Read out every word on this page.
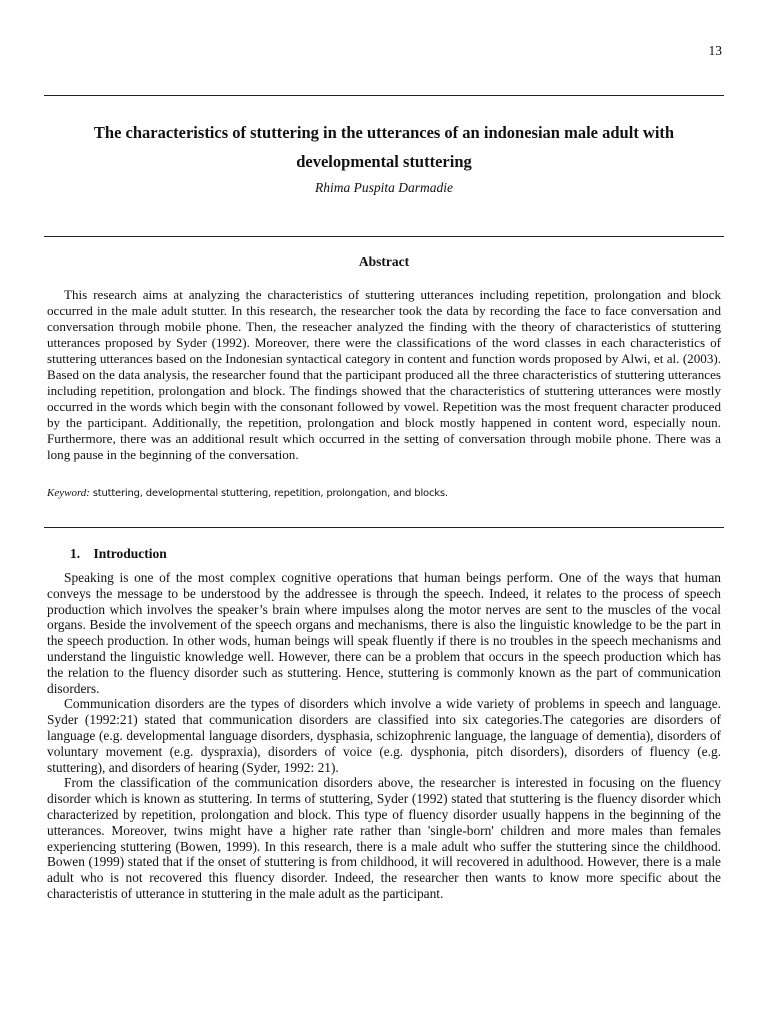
13
The characteristics of stuttering in the utterances of an indonesian male adult with developmental stuttering
Rhima Puspita Darmadie
Abstract

This research aims at analyzing the characteristics of stuttering utterances including repetition, prolongation and block occurred in the male adult stutter. In this research, the researcher took the data by recording the face to face conversation and conversation through mobile phone. Then, the reseacher analyzed the finding with the theory of characteristics of stuttering utterances proposed by Syder (1992). Moreover, there were the classifications of the word classes in each characteristics of stuttering utterances based on the Indonesian syntactical category in content and function words proposed by Alwi, et al. (2003). Based on the data analysis, the researcher found that the participant produced all the three characteristics of stuttering utterances including repetition, prolongation and block. The findings showed that the characteristics of stuttering utterances were mostly occurred in the words which begin with the consonant followed by vowel. Repetition was the most frequent character produced by the participant. Additionally, the repetition, prolongation and block mostly happened in content word, especially noun. Furthermore, there was an additional result which occurred in the setting of conversation through mobile phone. There was a long pause in the beginning of the conversation.

Keyword: stuttering, developmental stuttering, repetition, prolongation, and blocks.
1. Introduction

Speaking is one of the most complex cognitive operations that human beings perform. One of the ways that human conveys the message to be understood by the addressee is through the speech. Indeed, it relates to the process of speech production which involves the speaker’s brain where impulses along the motor nerves are sent to the muscles of the vocal organs. Beside the involvement of the speech organs and mechanisms, there is also the linguistic knowledge to be the part in the speech production. In other wods, human beings will speak fluently if there is no troubles in the speech mechanisms and understand the linguistic knowledge well. However, there can be a problem that occurs in the speech production which has the relation to the fluency disorder such as stuttering. Hence, stuttering is commonly known as the part of communication disorders.

Communication disorders are the types of disorders which involve a wide variety of problems in speech and language. Syder (1992:21) stated that communication disorders are classified into six categories.The categories are disorders of language (e.g. developmental language disorders, dysphasia, schizophrenic language, the language of dementia), disorders of voluntary movement (e.g. dyspraxia), disorders of voice (e.g. dysphonia, pitch disorders), disorders of fluency (e.g. stuttering), and disorders of hearing (Syder, 1992: 21).

From the classification of the communication disorders above, the researcher is interested in focusing on the fluency disorder which is known as stuttering. In terms of stuttering, Syder (1992) stated that stuttering is the fluency disorder which characterized by repetition, prolongation and block. This type of fluency disorder usually happens in the beginning of the utterances. Moreover, twins might have a higher rate rather than 'single-born' children and more males than females experiencing stuttering (Bowen, 1999). In this research, there is a male adult who suffer the stuttering since the childhood. Bowen (1999) stated that if the onset of stuttering is from childhood, it will recovered in adulthood. However, there is a male adult who is not recovered this fluency disorder. Indeed, the researcher then wants to know more specific about the characteristis of utterance in stuttering in the male adult as the participant.
